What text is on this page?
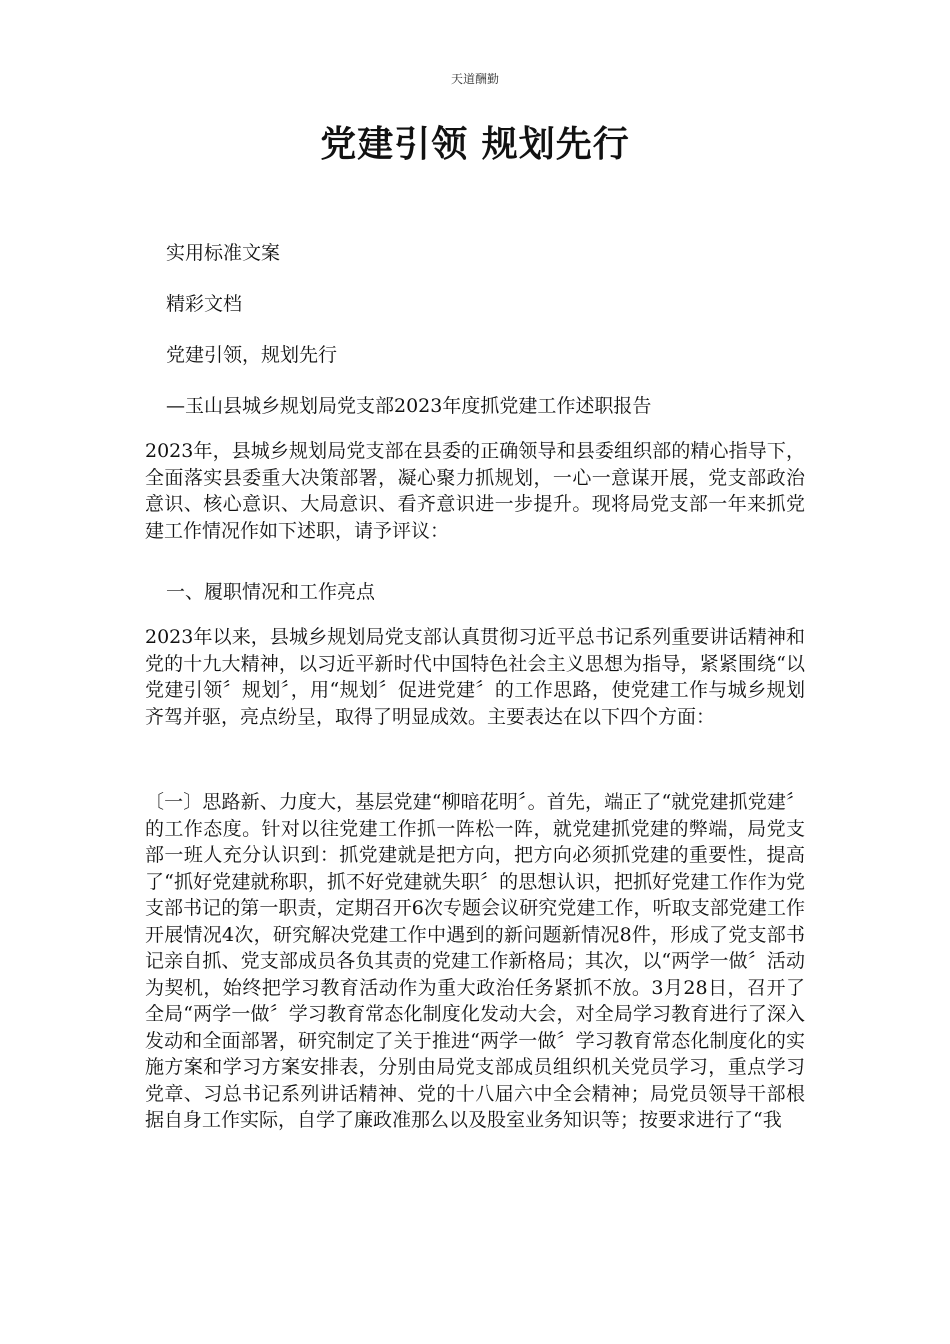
天道酬勤
党建引领 规划先行
实用标准文案
精彩文档
党建引领，规划先行
—玉山县城乡规划局党支部2023年度抓党建工作述职报告

2023年，县城乡规划局党支部在县委的正确领导和县委组织部的精心指导下，全面落实县委重大决策部署，凝心聚力抓规划，一心一意谋开展，党支部政治意识、核心意识、大局意识、看齐意识进一步提升。现将局党支部一年来抓党建工作情况作如下述职，请予评议：

一、履职情况和工作亮点

2023年以来，县城乡规划局党支部认真贯彻习近平总书记系列重要讲话精神和党的十九大精神，以习近平新时代中国特色社会主义思想为指导，紧紧围绕“以党建引领〞规划〞，用“规划〞促进党建〞的工作思路，使党建工作与城乡规划齐驾并驱，亮点纷呈，取得了明显成效。主要表达在以下四个方面：

〔一〕思路新、力度大，基层党建“柳暗花明〞。首先，端正了“就党建抓党建〞的工作态度。针对以往党建工作抓一阵松一阵，就党建抓党建的弊端，局党支部一班人充分认识到：抓党建就是把方向，把方向必须抓党建的重要性，提高了“抓好党建就称职，抓不好党建就失职〞的思想认识，把抓好党建工作作为党支部书记的第一职责，定期召开6次专题会议研究党建工作，听取支部党建工作开展情况4次，研究解决党建工作中遇到的新问题新情况8件，形成了党支部书记亲自抓、党支部成员各负其责的党建工作新格局；其次，以“两学一做〞活动为契机，始终把学习教育活动作为重大政治任务紧抓不放。3月28日，召开了全局“两学一做〞学习教育常态化制度化发动大会，对全局学习教育进行了深入发动和全面部署，研究制定了关于推进“两学一做〞学习教育常态化制度化的实施方案和学习方案安排表，分别由局党支部成员组织机关党员学习，重点学习党章、习总书记系列讲话精神、党的十八届六中全会精神；局党员领导干部根据自身工作实际，自学了廉政准那么以及股室业务知识等；按要求进行了“我
